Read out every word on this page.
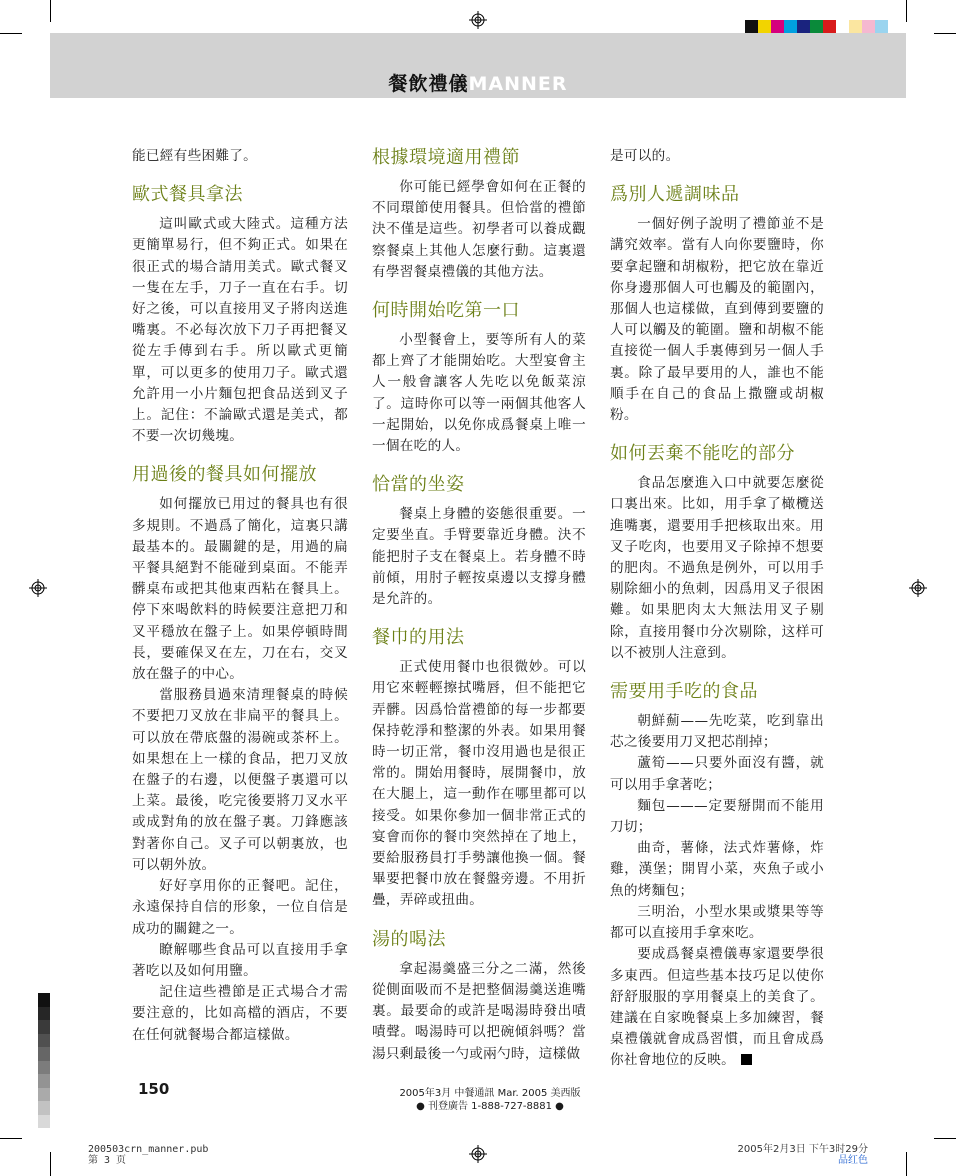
餐飲禮儀MANNER

能已經有些困難了。

歐式餐具拿法

這叫歐式或大陸式。這種方法更簡單易行，但不夠正式。如果在很正式的場合請用美式。歐式餐叉一隻在左手，刀子一直在右手。切好之後，可以直接用叉子將肉送進嘴裏。不必每次放下刀子再把餐叉從左手傳到右手。所以歐式更簡單，可以更多的使用刀子。歐式還允許用一小片麵包把食品送到叉子上。記住：不論歐式還是美式，都不要一次切幾塊。

用過後的餐具如何擺放

如何擺放已用过的餐具也有很多規則。不過爲了簡化，這裏只講最基本的。最關鍵的是，用過的扁平餐具絕對不能碰到桌面。不能弄髒桌布或把其他東西粘在餐具上。停下來喝飲料的時候要注意把刀和叉平穩放在盤子上。如果停頓時間長，要確保叉在左，刀在右，交叉放在盤子的中心。

當服務員過來清理餐桌的時候不要把刀叉放在非扁平的餐具上。可以放在帶底盤的湯碗或茶杯上。如果想在上一樣的食品，把刀叉放在盤子的右邊，以便盤子裏還可以上菜。最後，吃完後要將刀叉水平或成對角的放在盤子裏。刀鋒應該對著你自己。叉子可以朝裏放，也可以朝外放。

好好享用你的正餐吧。記住，永遠保持自信的形象，一位自信是成功的關鍵之一。

瞭解哪些食品可以直接用手拿著吃以及如何用鹽。

記住這些禮節是正式場合才需要注意的，比如高檔的酒店，不要在任何就餐場合都這樣做。

根據環境適用禮節

你可能已經學會如何在正餐的不同環節使用餐具。但恰當的禮節決不僅是這些。初學者可以養成觀察餐桌上其他人怎麼行動。這裏還有學習餐桌禮儀的其他方法。

何時開始吃第一口

小型餐會上，要等所有人的菜都上齊了才能開始吃。大型宴會主人一般會讓客人先吃以免飯菜涼了。這時你可以等一兩個其他客人一起開始，以免你成爲餐桌上唯一一個在吃的人。

恰當的坐姿

餐桌上身體的姿態很重要。一定要坐直。手臂要靠近身體。決不能把肘子支在餐桌上。若身體不時前傾，用肘子輕按桌邊以支撐身體是允許的。

餐巾的用法

正式使用餐巾也很微妙。可以用它來輕輕擦拭嘴唇，但不能把它弄髒。因爲恰當禮節的每一步都要保持乾淨和整潔的外表。如果用餐時一切正常，餐巾沒用過也是很正常的。開始用餐時，展開餐巾，放在大腿上，這一動作在哪里都可以接受。如果你參加一個非常正式的宴會而你的餐巾突然掉在了地上，要給服務員打手勢讓他換一個。餐畢要把餐巾放在餐盤旁邊。不用折疊，弄碎或扭曲。

湯的喝法

拿起湯羹盛三分之二滿，然後從側面吸而不是把整個湯羹送進嘴裏。最要命的或許是喝湯時發出嘖嘖聲。喝湯時可以把碗傾斜嗎？當湯只剩最後一勺或兩勺時，這樣做

是可以的。

爲別人遞調味品

一個好例子說明了禮節並不是講究效率。當有人向你要鹽時，你要拿起鹽和胡椒粉，把它放在靠近你身邊那個人可也觸及的範圍內，那個人也這樣做，直到傳到要鹽的人可以觸及的範圍。鹽和胡椒不能直接從一個人手裏傳到另一個人手裏。除了最早要用的人，誰也不能順手在自己的食品上撒鹽或胡椒粉。

如何丟棄不能吃的部分

食品怎麼進入口中就要怎麼從口裏出來。比如，用手拿了橄欖送進嘴裏，還要用手把核取出來。用叉子吃肉，也要用叉子除掉不想要的肥肉。不過魚是例外，可以用手剔除細小的魚刺，因爲用叉子很困難。如果肥肉太大無法用叉子剔除，直接用餐巾分次剔除，这样可以不被別人注意到。

需要用手吃的食品

朝鮮薊——先吃菜，吃到靠出芯之後要用刀叉把芯削掉；

蘆筍——只要外面沒有醬，就可以用手拿著吃；

麵包———定要掰開而不能用刀切；

曲奇，薯條，法式炸薯條，炸雞，漢堡；開胃小菜，夾魚子或小魚的烤麵包；

三明治，小型水果或漿果等等都可以直接用手拿來吃。

要成爲餐桌禮儀專家還要學很多東西。但這些基本技巧足以使你舒舒服服的享用餐桌上的美食了。建議在自家晚餐桌上多加練習，餐桌禮儀就會成爲習慣，而且會成爲你社會地位的反映。

150	2005年3月 中餐通訊 Mar. 2005 美西版
● 刊登廣告 1-888-727-8881 ●
200503crn_manner.pub
第 3 页
2005年2月3日 下午3时29分
品红色
